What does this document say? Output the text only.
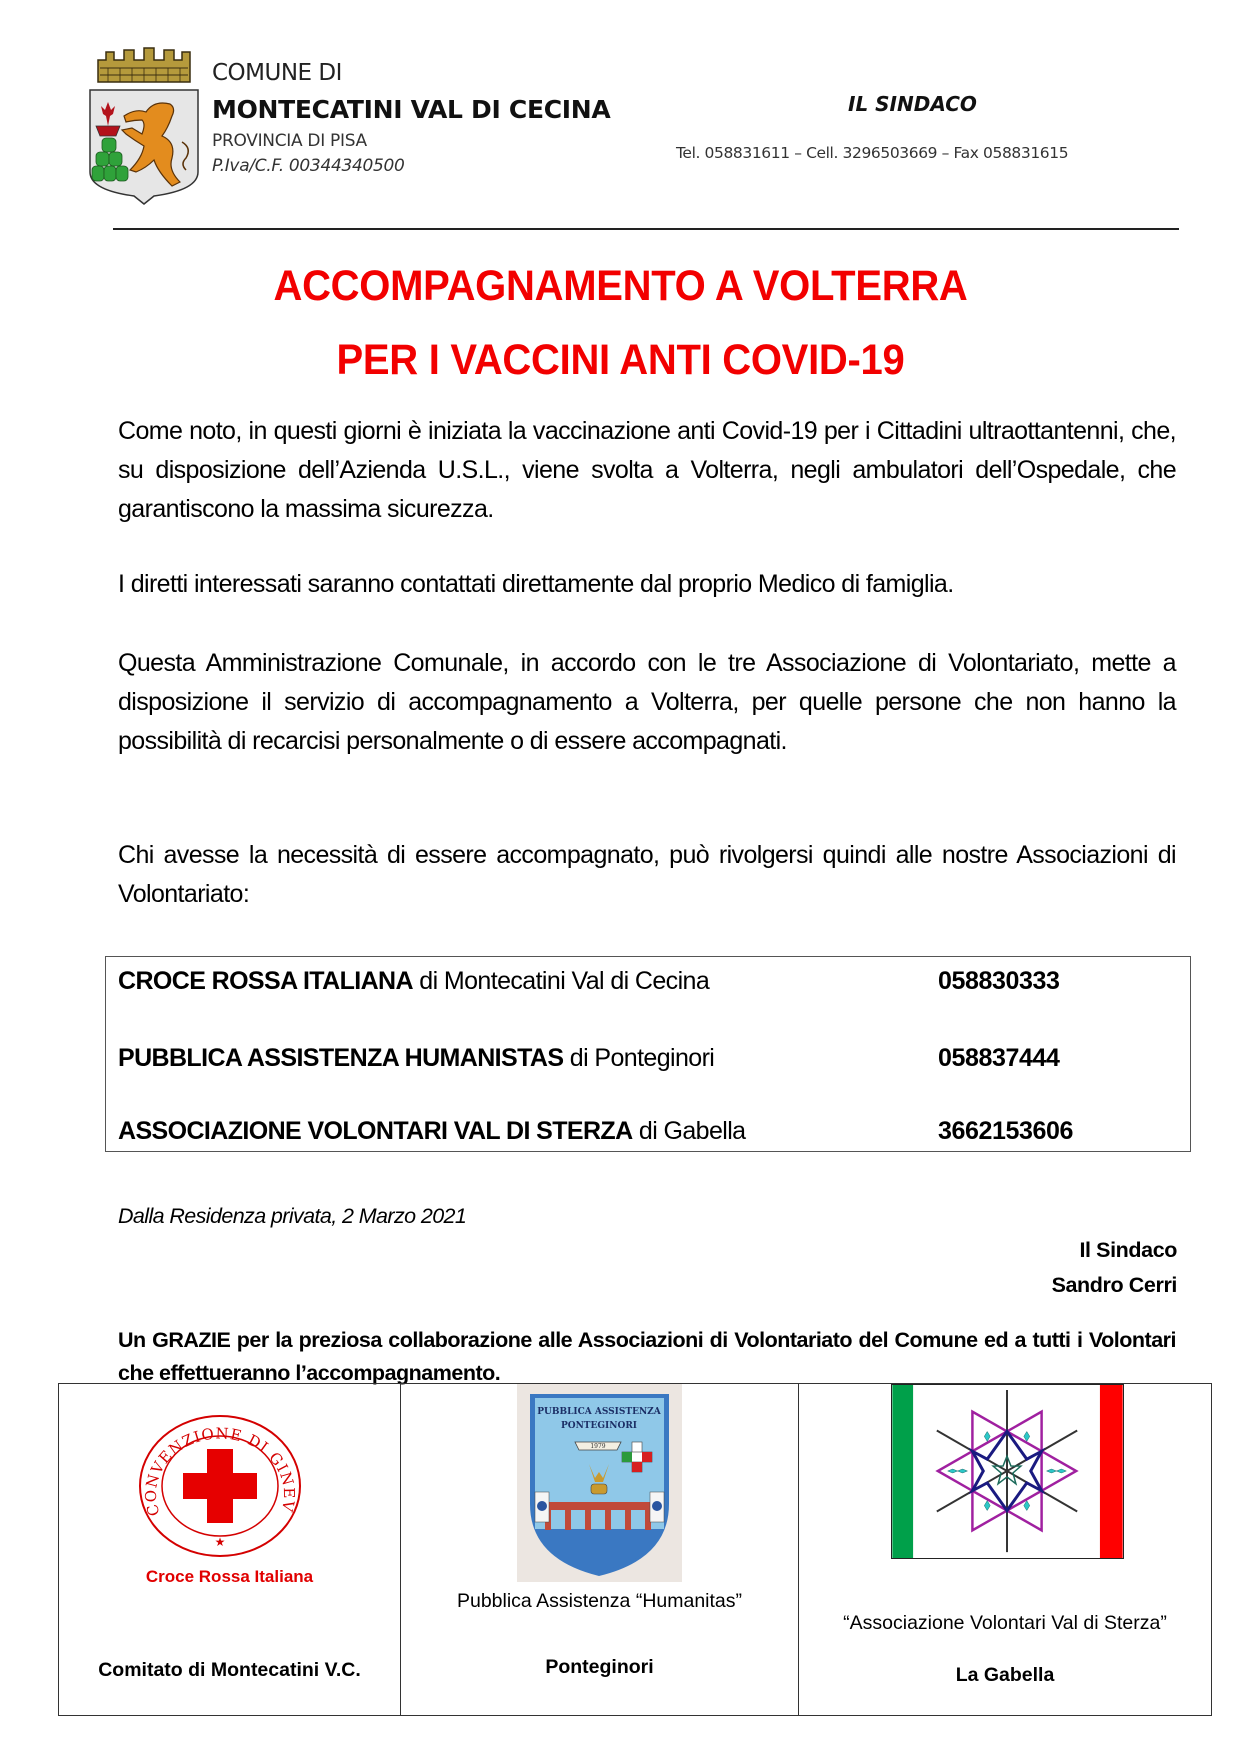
COMUNE DI
MONTECATINI VAL DI CECINA
PROVINCIA DI PISA
P.Iva/C.F. 00344340500
IL SINDACO
Tel. 058831611 – Cell. 3296503669 – Fax 058831615
ACCOMPAGNAMENTO A VOLTERRA
PER I VACCINI ANTI COVID-19
Come noto, in questi giorni è iniziata la vaccinazione anti Covid-19 per i Cittadini ultraottantenni, che, su disposizione dell’Azienda U.S.L., viene svolta a Volterra, negli ambulatori dell’Ospedale, che garantiscono la massima sicurezza.
I diretti interessati saranno contattati direttamente dal proprio Medico di famiglia.
Questa Amministrazione Comunale, in accordo con le tre Associazione di Volontariato, mette a disposizione il servizio di accompagnamento a Volterra, per quelle persone che non hanno la possibilità di recarcisi personalmente o di essere accompagnati.
Chi avesse la necessità di essere accompagnato, può rivolgersi quindi alle nostre Associazioni di Volontariato:
CROCE ROSSA ITALIANA di Montecatini Val di Cecina	058830333
PUBBLICA ASSISTENZA HUMANISTAS di Ponteginori	058837444
ASSOCIAZIONE VOLONTARI VAL DI STERZA di Gabella	3662153606
Dalla Residenza privata, 2 Marzo 2021
Il Sindaco
Sandro Cerri
Un GRAZIE per la preziosa collaborazione alle Associazioni di Volontariato del Comune ed a tutti i Volontari che effettueranno l’accompagnamento.
CONVENZIONE DI GINEV
★
Croce Rossa Italiana
Comitato di Montecatini V.C.
PUBBLICA ASSISTENZA
PONTEGINORI
1979
Pubblica Assistenza “Humanitas”
Ponteginori
“Associazione Volontari Val di Sterza”
La Gabella
